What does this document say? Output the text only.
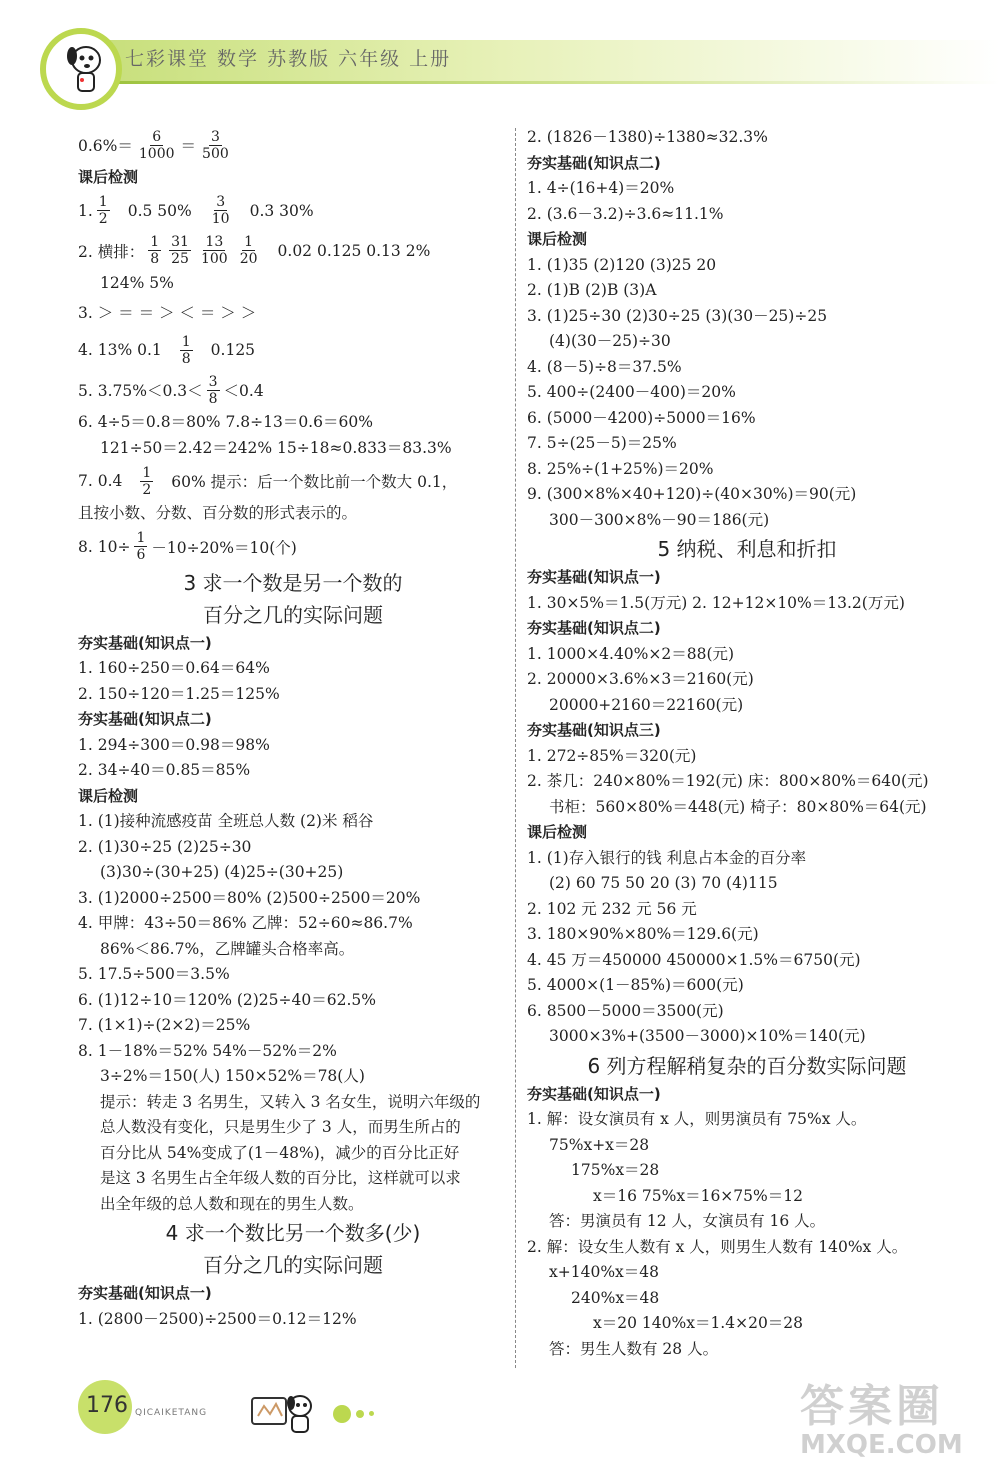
七彩课堂 数学 苏教版 六年级 上册
$0.6\%= \frac{6}{1000} = \frac{3}{500}$
课后检测
1. $\frac{1}{2} 0.5$ $50\% \frac{3}{10} 0.3$ 30%
2. 横排： $\frac{1}{8} \frac{31}{25} \frac{13}{100} \frac{1}{20} 0.02$ 0.125 0.13 2%
124% 5%
3. ＞ ＝ ＝ ＞ ＜ ＝ ＞ ＞
4. 13% $0.1 \frac{1}{8} 0.125$
5. $3.75\%<0.3< \frac{3}{8} <0.4$
6. 4÷5＝0.8＝80% 7.8÷13＝0.6＝60%
121÷50＝2.42＝242% 15÷18≈0.833＝83.3%
7. $0.4 \frac{1}{2} 60\%$ 提示：后一个数比前一个数大 0.1，
且按小数、分数、百分数的形式表示的。
8. $10\div \frac{1}{6} -10\div 20\%=10$(个)
3 求一个数是另一个数的
百分之几的实际问题
夯实基础(知识点一)
1. 160÷250＝0.64＝64%
2. 150÷120＝1.25＝125%
夯实基础(知识点二)
1. 294÷300＝0.98＝98%
2. 34÷40＝0.85＝85%
课后检测
1. (1)接种流感疫苗 全班总人数 (2)米 稻谷
2. (1)30÷25 (2)25÷30
(3)30÷(30+25) (4)25÷(30+25)
3. (1)2000÷2500＝80% (2)500÷2500＝20%
4. 甲牌：43÷50＝86% 乙牌：52÷60≈86.7%
86%＜86.7%，乙牌罐头合格率高。
5. 17.5÷500＝3.5%
6. (1)12÷10＝120% (2)25÷40＝62.5%
7. (1×1)÷(2×2)＝25%
8. 1－18%＝52% 54%－52%＝2%
3÷2%＝150(人) 150×52%＝78(人)
提示：转走 3 名男生，又转入 3 名女生，说明六年级的
总人数没有变化，只是男生少了 3 人，而男生所占的
百分比从 54%变成了(1－48%)，减少的百分比正好
是这 3 名男生占全年级人数的百分比，这样就可以求
出全年级的总人数和现在的男生人数。
4 求一个数比另一个数多(少)
百分之几的实际问题
夯实基础(知识点一)
1. (2800－2500)÷2500＝0.12＝12%
2. (1826－1380)÷1380≈32.3%
夯实基础(知识点二)
1. 4÷(16+4)＝20%
2. (3.6－3.2)÷3.6≈11.1%
课后检测
1. (1)35 (2)120 (3)25 20
2. (1)B (2)B (3)A
3. (1)25÷30 (2)30÷25 (3)(30－25)÷25
(4)(30－25)÷30
4. (8－5)÷8＝37.5%
5. 400÷(2400－400)＝20%
6. (5000－4200)÷5000＝16%
7. 5÷(25－5)＝25%
8. 25%÷(1+25%)＝20%
9. (300×8%×40+120)÷(40×30%)＝90(元)
300－300×8%－90＝186(元)
5 纳税、利息和折扣
夯实基础(知识点一)
1. 30×5%＝1.5(万元) 2. 12+12×10%＝13.2(万元)
夯实基础(知识点二)
1. 1000×4.40%×2＝88(元)
2. 20000×3.6%×3＝2160(元)
20000+2160＝22160(元)
夯实基础(知识点三)
1. 272÷85%＝320(元)
2. 茶几：240×80%＝192(元) 床：800×80%＝640(元)
书柜：560×80%＝448(元) 椅子：80×80%＝64(元)
课后检测
1. (1)存入银行的钱 利息占本金的百分率
(2) 60 75 50 20 (3) 70 (4)115
2. 102 元 232 元 56 元
3. 180×90%×80%＝129.6(元)
4. 45 万＝450000 450000×1.5%＝6750(元)
5. 4000×(1－85%)＝600(元)
6. 8500－5000＝3500(元)
3000×3%+(3500－3000)×10%＝140(元)
6 列方程解稍复杂的百分数实际问题
夯实基础(知识点一)
1. 解：设女演员有 x 人，则男演员有 75%x 人。
75%x+x＝28
175%x＝28
x＝16 75%x＝16×75%＝12
答：男演员有 12 人，女演员有 16 人。
2. 解：设女生人数有 x 人，则男生人数有 140%x 人。
x+140%x＝48
240%x＝48
x＝20 140%x＝1.4×20＝28
答：男生人数有 28 人。
176 QICAIKETANG	答案圈
MXQE.COM
